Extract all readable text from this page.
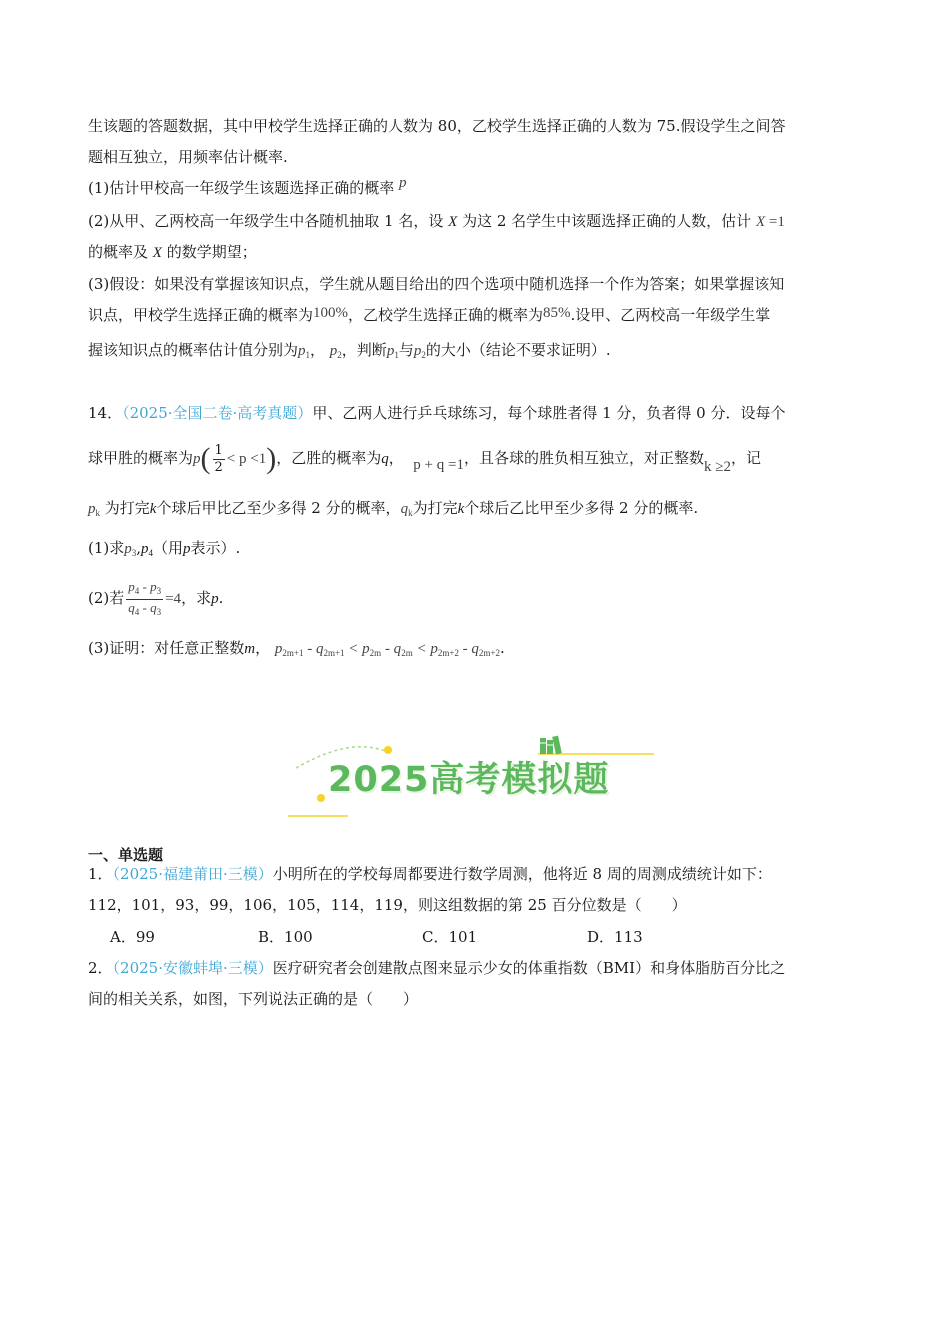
生该题的答题数据，其中甲校学生选择正确的人数为 80，乙校学生选择正确的人数为 75.假设学生之间答
题相互独立，用频率估计概率.
(1)估计甲校高一年级学生该题选择正确的概率 p
(2)从甲、乙两校高一年级学生中各随机抽取 1 名，设 X 为这 2 名学生中该题选择正确的人数，估计 X =1
的概率及 X 的数学期望；
(3)假设：如果没有掌握该知识点，学生就从题目给出的四个选项中随机选择一个作为答案；如果掌握该知
识点，甲校学生选择正确的概率为100%，乙校学生选择正确的概率为85%.设甲、乙两校高一年级学生掌
握该知识点的概率估计值分别为$p_1$， $p_2$，判断$p_1$与$p_2$的大小（结论不要求证明）.
14．（2025·全国二卷·高考真题）甲、乙两人进行乒乓球练习，每个球胜者得 1 分，负者得 0 分．设每个
球甲胜的概率为$p( \frac{1}{2} < p <1)$，乙胜的概率为q，  p + q =1，且各球的胜负相互独立，对正整数k ≥2，记
$p_k$ 为打完k个球后甲比乙至少多得 2 分的概率，$q_k$为打完k个球后乙比甲至少多得 2 分的概率.
(1)求$p_3,p_4$（用p表示）.
(2)若 $\frac{p_4 - p_3}{q_4 - q_3} =4$，求p.
(3)证明：对任意正整数m， $p_{2m+1} - q_{2m+1} < p_{2m} - q_{2m} < p_{2m+2} - q_{2m+2}$.
2025高考模拟题
一、单选题
1．（2025·福建莆田·三模）小明所在的学校每周都要进行数学周测，他将近 8 周的周测成绩统计如下：
112，101，93，99，106，105，114，119，则这组数据的第 25 百分位数是（　　）
A．99	B．100	C．101	D．113
2．（2025·安徽蚌埠·三模）医疗研究者会创建散点图来显示少女的体重指数（BMI）和身体脂肪百分比之
间的相关关系，如图，下列说法正确的是（　　）
